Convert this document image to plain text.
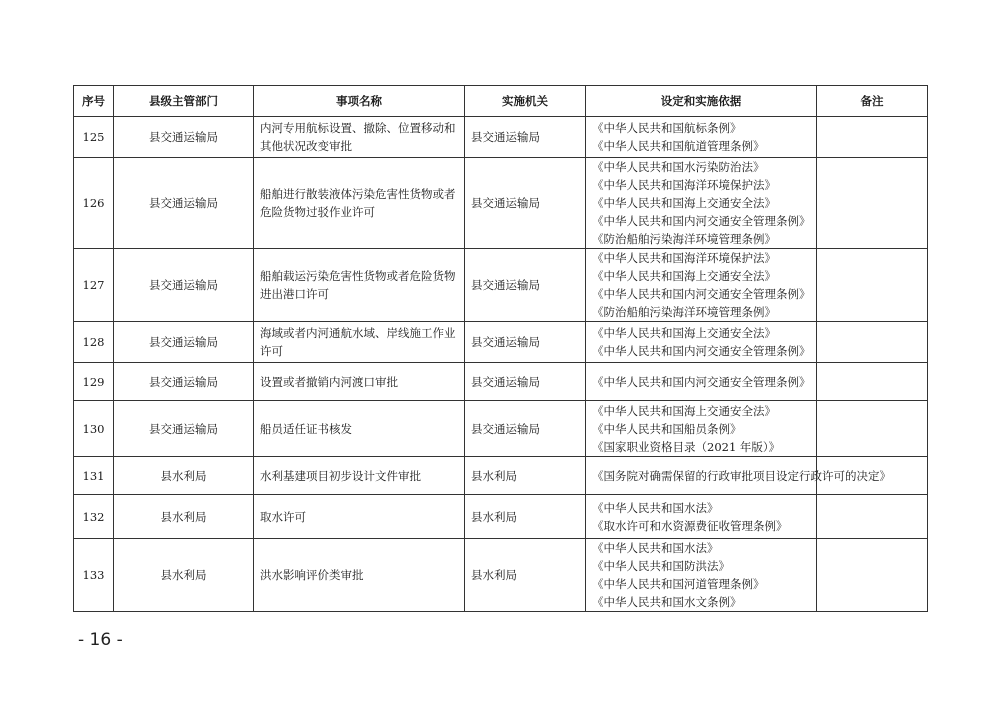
序号	县级主管部门	事项名称	实施机关	设定和实施依据	备注
125	县交通运输局	内河专用航标设置、撤除、位置移动和其他状况改变审批	县交通运输局	《中华人民共和国航标条例》
《中华人民共和国航道管理条例》	

126	县交通运输局	船舶进行散装液体污染危害性货物或者危险货物过驳作业许可	县交通运输局	《中华人民共和国水污染防治法》
《中华人民共和国海洋环境保护法》
《中华人民共和国海上交通安全法》
《中华人民共和国内河交通安全管理条例》
《防治船舶污染海洋环境管理条例》	

127	县交通运输局	船舶载运污染危害性货物或者危险货物进出港口许可	县交通运输局	《中华人民共和国海洋环境保护法》
《中华人民共和国海上交通安全法》
《中华人民共和国内河交通安全管理条例》
《防治船舶污染海洋环境管理条例》	

128	县交通运输局	海域或者内河通航水域、岸线施工作业许可	县交通运输局	《中华人民共和国海上交通安全法》
《中华人民共和国内河交通安全管理条例》	

129	县交通运输局	设置或者撤销内河渡口审批	县交通运输局	《中华人民共和国内河交通安全管理条例》	

130	县交通运输局	船员适任证书核发	县交通运输局	《中华人民共和国海上交通安全法》
《中华人民共和国船员条例》
《国家职业资格目录（2021 年版）》	

131	县水利局	水利基建项目初步设计文件审批	县水利局	《国务院对确需保留的行政审批项目设定行政许可的决定》	

132	县水利局	取水许可	县水利局	《中华人民共和国水法》
《取水许可和水资源费征收管理条例》	

133	县水利局	洪水影响评价类审批	县水利局	《中华人民共和国水法》
《中华人民共和国防洪法》
《中华人民共和国河道管理条例》
《中华人民共和国水文条例》	

- 16 -
